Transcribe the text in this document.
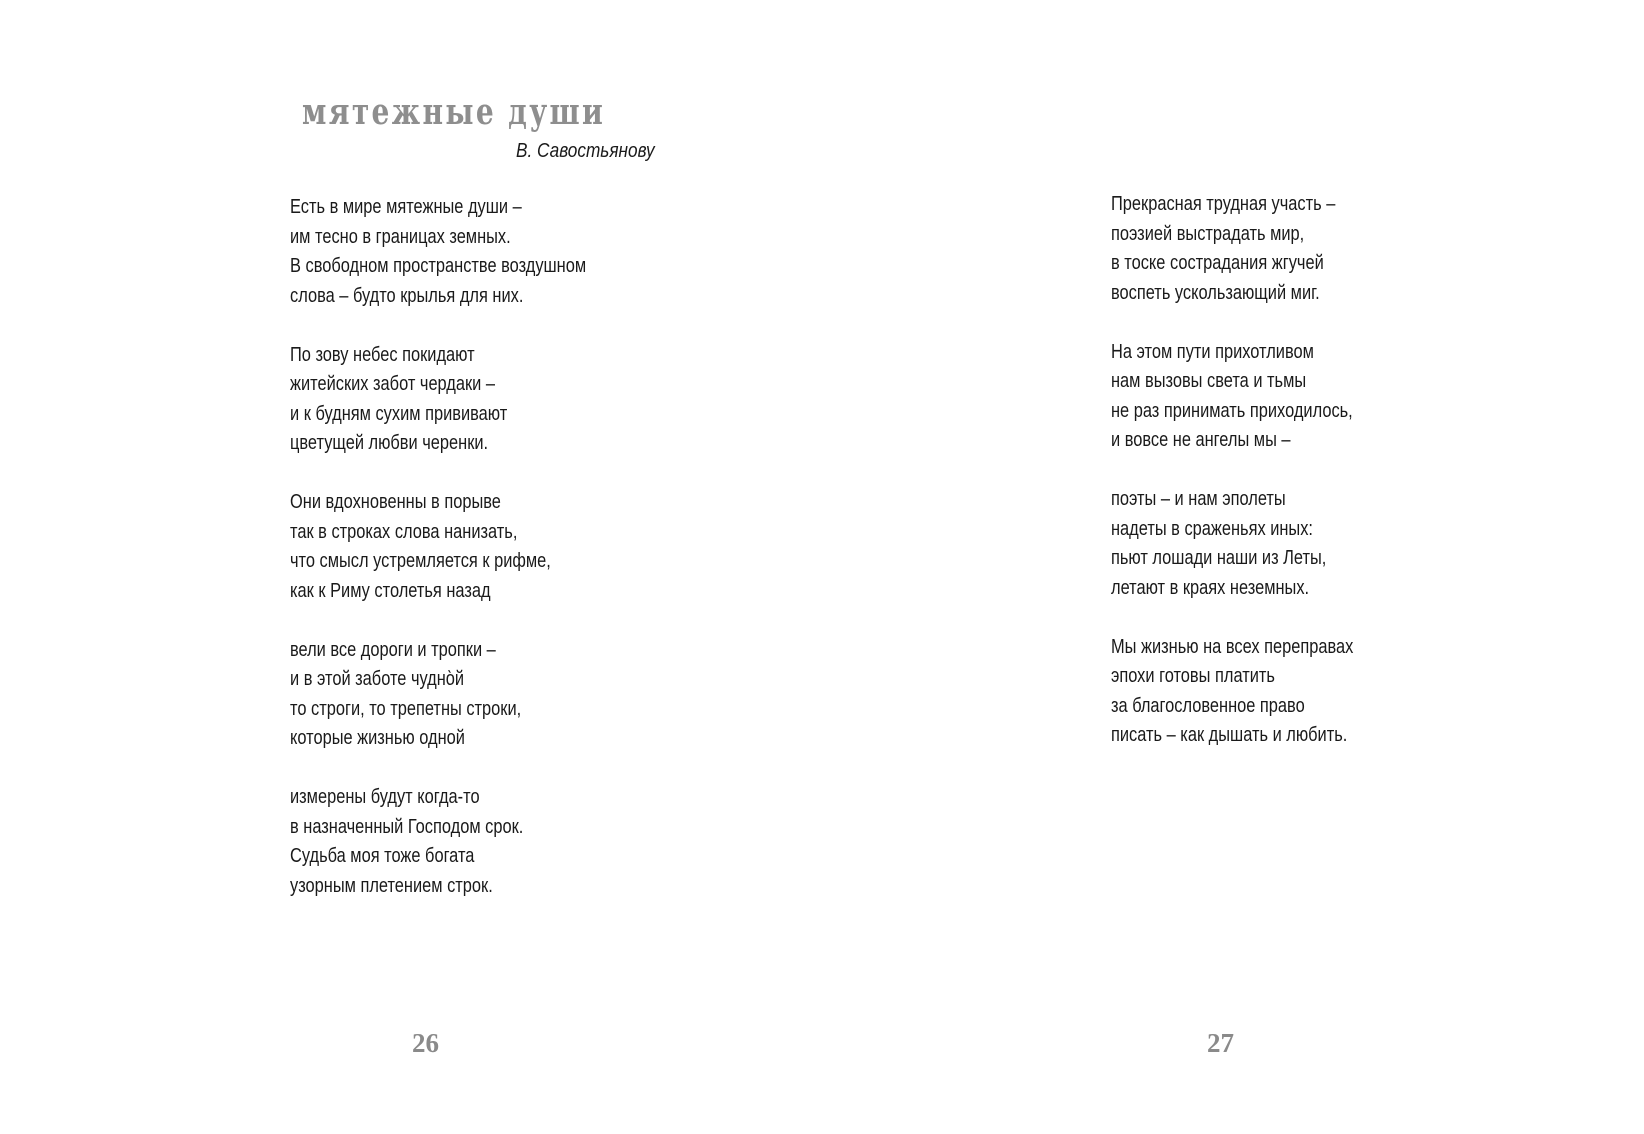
мятежные души
В. Савостьянову
Есть в мире мятежные души –
им тесно в границах земных.
В свободном пространстве воздушном
слова – будто крылья для них.
По зову небес покидают
житейских забот чердаки –
и к будням сухим прививают
цветущей любви черенки.
Они вдохновенны в порыве
так в строках слова нанизать,
что смысл устремляется к рифме,
как к Риму столетья назад
вели все дороги и тропки –
и в этой заботе чудно̀й
то строги, то трепетны строки,
которые жизнью одной
измерены будут когда-то
в назначенный Господом срок.
Судьба моя тоже богата
узорным плетением строк.
26
Прекрасная трудная участь –
поэзией выстрадать мир,
в тоске сострадания жгучей
воспеть ускользающий миг.
На этом пути прихотливом
нам вызовы света и тьмы
не раз принимать приходилось,
и вовсе не ангелы мы –
поэты – и нам эполеты
надеты в сраженьях иных:
пьют лошади наши из Леты,
летают в краях неземных.
Мы жизнью на всех переправах
эпохи готовы платить
за благословенное право
писать – как дышать и любить.
27
